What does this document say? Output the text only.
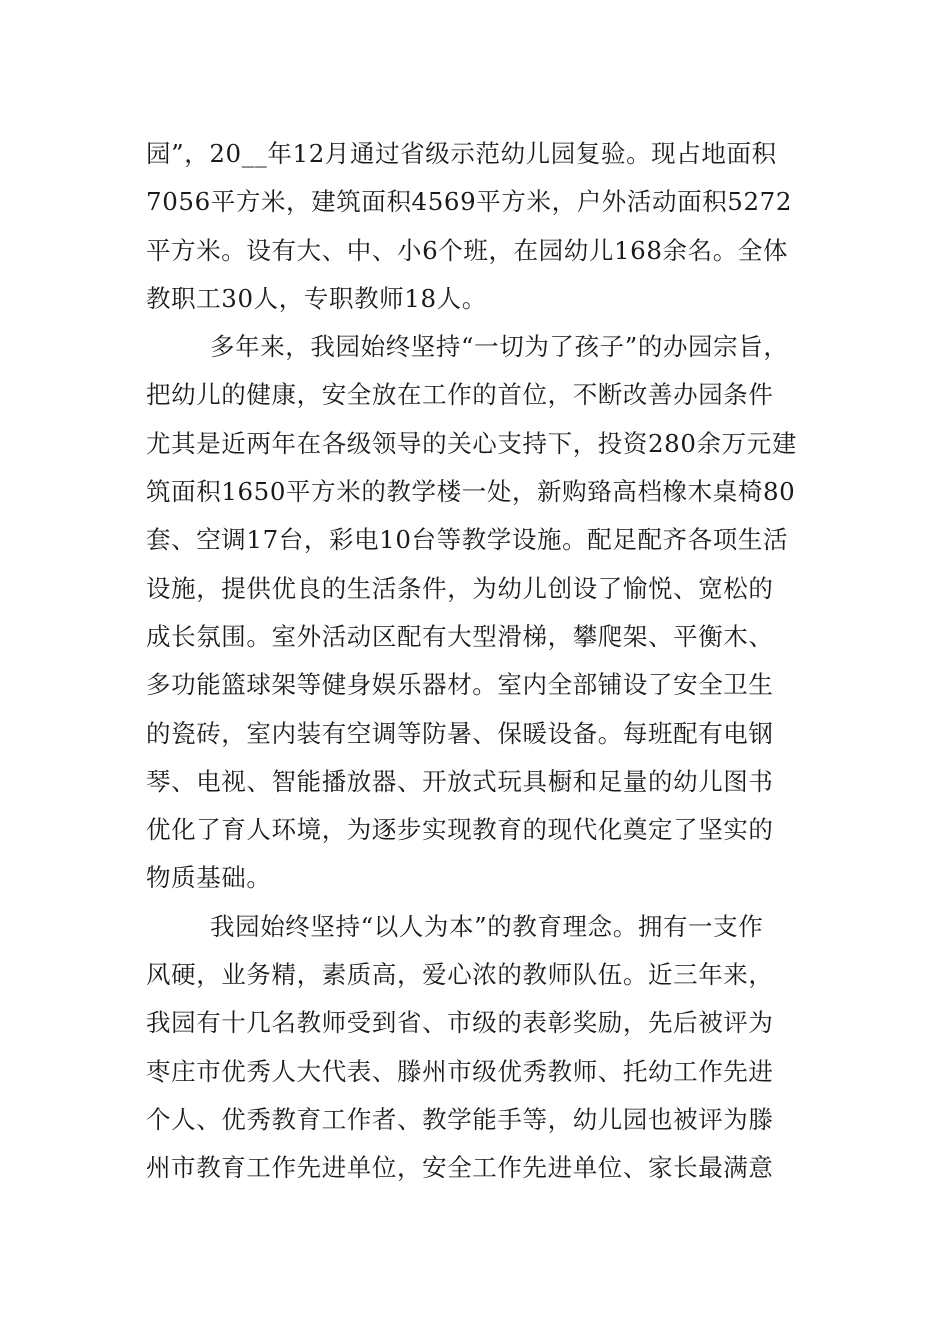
园”，20__年12月通过省级示范幼儿园复验。现占地面积
7056平方米，建筑面积4569平方米，户外活动面积5272
平方米。设有大、中、小6个班，在园幼儿168余名。全体
教职工30人，专职教师18人。
多年来，我园始终坚持“一切为了孩子”的办园宗旨，
把幼儿的健康，安全放在工作的首位，不断改善办园条件
尤其是近两年在各级领导的关心支持下，投资280余万元建
筑面积1650平方米的教学楼一处，新购臵高档橡木桌椅80
套、空调17台，彩电10台等教学设施。配足配齐各项生活
设施，提供优良的生活条件，为幼儿创设了愉悦、宽松的
成长氛围。室外活动区配有大型滑梯，攀爬架、平衡木、
多功能篮球架等健身娱乐器材。室内全部铺设了安全卫生
的瓷砖，室内装有空调等防暑、保暖设备。每班配有电钢
琴、电视、智能播放器、开放式玩具橱和足量的幼儿图书
优化了育人环境，为逐步实现教育的现代化奠定了坚实的
物质基础。
我园始终坚持“以人为本”的教育理念。拥有一支作
风硬，业务精，素质高，爱心浓的教师队伍。近三年来，
我园有十几名教师受到省、市级的表彰奖励，先后被评为
枣庄市优秀人大代表、滕州市级优秀教师、托幼工作先进
个人、优秀教育工作者、教学能手等，幼儿园也被评为滕
州市教育工作先进单位，安全工作先进单位、家长最满意
